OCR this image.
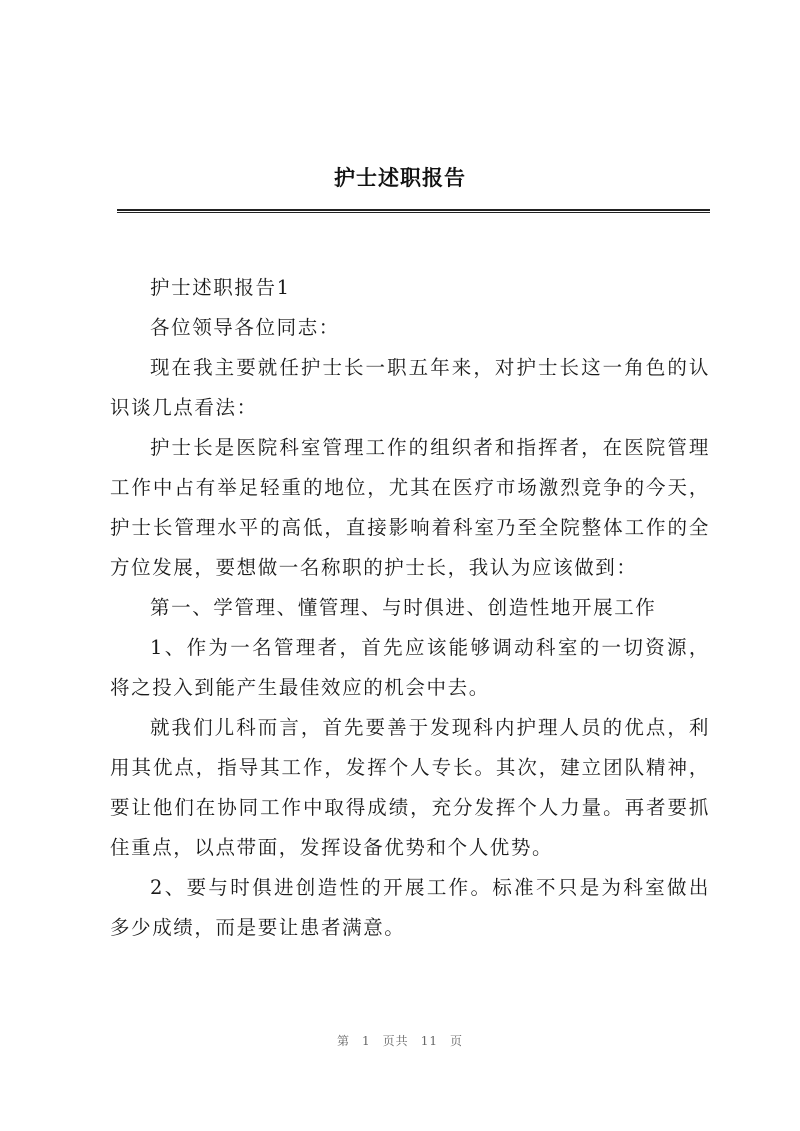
护士述职报告

护士述职报告1

各位领导各位同志：

现在我主要就任护士长一职五年来，对护士长这一角色的认识谈几点看法：

护士长是医院科室管理工作的组织者和指挥者，在医院管理工作中占有举足轻重的地位，尤其在医疗市场激烈竞争的今天，护士长管理水平的高低，直接影响着科室乃至全院整体工作的全方位发展，要想做一名称职的护士长，我认为应该做到：

第一、学管理、懂管理、与时俱进、创造性地开展工作

1、作为一名管理者，首先应该能够调动科室的一切资源，将之投入到能产生最佳效应的机会中去。

就我们儿科而言，首先要善于发现科内护理人员的优点，利用其优点，指导其工作，发挥个人专长。其次，建立团队精神，要让他们在协同工作中取得成绩，充分发挥个人力量。再者要抓住重点，以点带面，发挥设备优势和个人优势。

2、要与时俱进创造性的开展工作。标准不只是为科室做出多少成绩，而是要让患者满意。

第 1 页共 11 页
